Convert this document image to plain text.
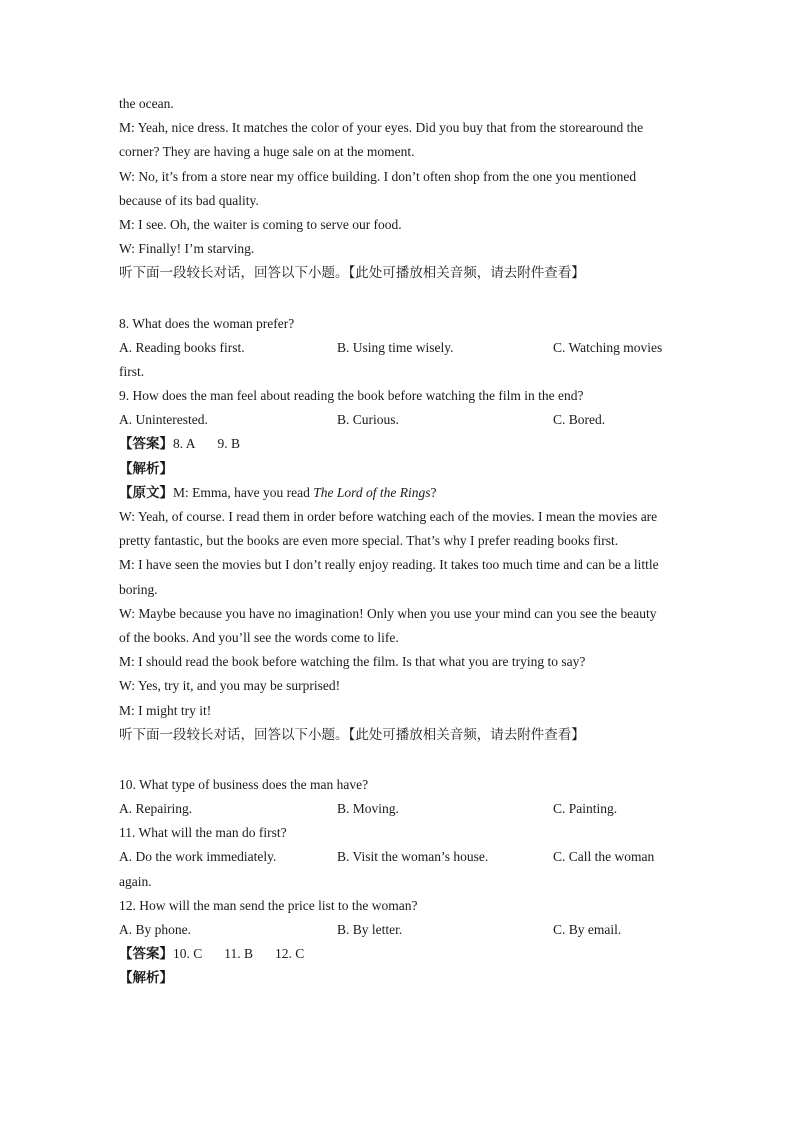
the ocean.
M: Yeah, nice dress. It matches the color of your eyes. Did you buy that from the storearound the
corner? They are having a huge sale on at the moment.
W: No, it’s from a store near my office building. I don’t often shop from the one you mentioned
because of its bad quality.
M: I see. Oh, the waiter is coming to serve our food.
W: Finally! I’m starving.
听下面一段较长对话，回答以下小题。【此处可播放相关音频，请去附件查看】
8. What does the woman prefer?
A. Reading books first.	B. Using time wisely.	C. Watching movies
first.
9. How does the man feel about reading the book before watching the film in the end?
A. Uninterested.	B. Curious.	C. Bored.
【答案】8. A 9. B
【解析】
【原文】M: Emma, have you read The Lord of the Rings?
W: Yeah, of course. I read them in order before watching each of the movies. I mean the movies are
pretty fantastic, but the books are even more special. That’s why I prefer reading books first.
M: I have seen the movies but I don’t really enjoy reading. It takes too much time and can be a little
boring.
W: Maybe because you have no imagination! Only when you use your mind can you see the beauty
of the books. And you’ll see the words come to life.
M: I should read the book before watching the film. Is that what you are trying to say?
W: Yes, try it, and you may be surprised!
M: I might try it!
听下面一段较长对话，回答以下小题。【此处可播放相关音频，请去附件查看】
10. What type of business does the man have?
A. Repairing.	B. Moving.	C. Painting.
11. What will the man do first?
A. Do the work immediately.	B. Visit the woman’s house.	C. Call the woman
again.
12. How will the man send the price list to the woman?
A. By phone.	B. By letter.	C. By email.
【答案】10. C 11. B 12. C
【解析】
